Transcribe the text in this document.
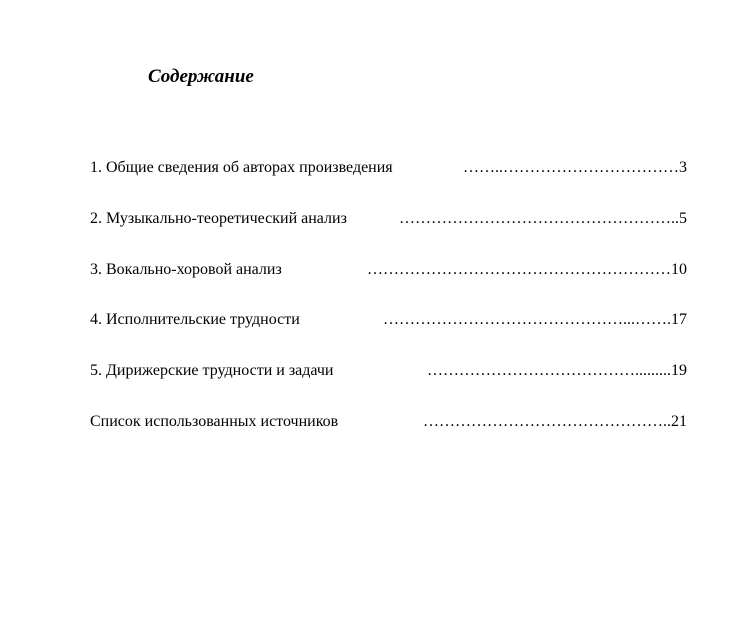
Содержание
1. Общие сведения об авторах произведения	……..…………………………… 3
2. Музыкально-теоретический анализ	…………………………………………….. 5
3. Вокально-хоровой анализ	………………………………………………… 10
4. Исполнительские трудности	………………………………………...……. 17
5. Дирижерские трудности и задачи	…………………………………......... 19
Список использованных источников	……………………………………….. 21
